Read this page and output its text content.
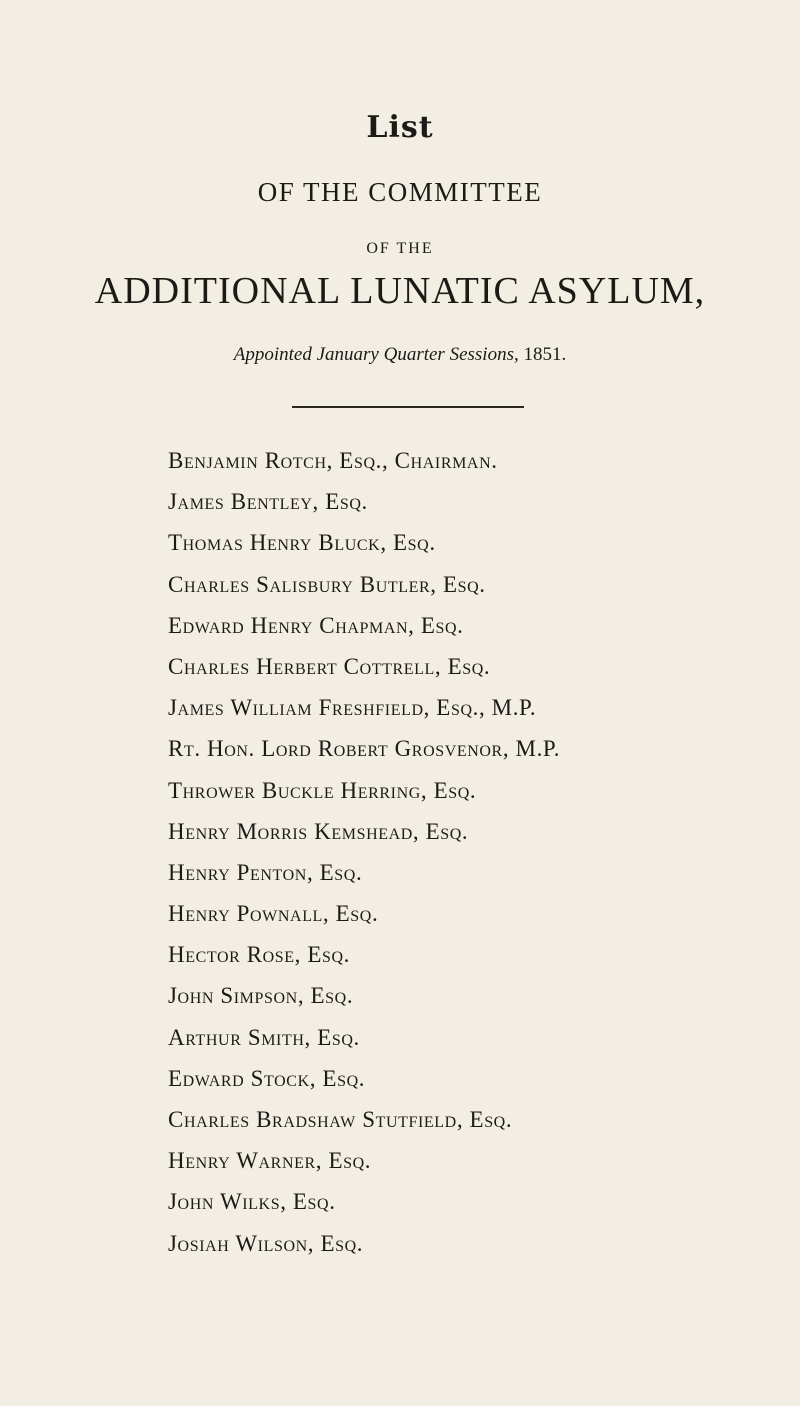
List
OF THE COMMITTEE
OF THE
ADDITIONAL LUNATIC ASYLUM,
Appointed January Quarter Sessions, 1851.
Benjamin Rotch, Esq., Chairman.
James Bentley, Esq.
Thomas Henry Bluck, Esq.
Charles Salisbury Butler, Esq.
Edward Henry Chapman, Esq.
Charles Herbert Cottrell, Esq.
James William Freshfield, Esq., M.P.
Rt. Hon. Lord Robert Grosvenor, M.P.
Thrower Buckle Herring, Esq.
Henry Morris Kemshead, Esq.
Henry Penton, Esq.
Henry Pownall, Esq.
Hector Rose, Esq.
John Simpson, Esq.
Arthur Smith, Esq.
Edward Stock, Esq.
Charles Bradshaw Stutfield, Esq.
Henry Warner, Esq.
John Wilks, Esq.
Josiah Wilson, Esq.
